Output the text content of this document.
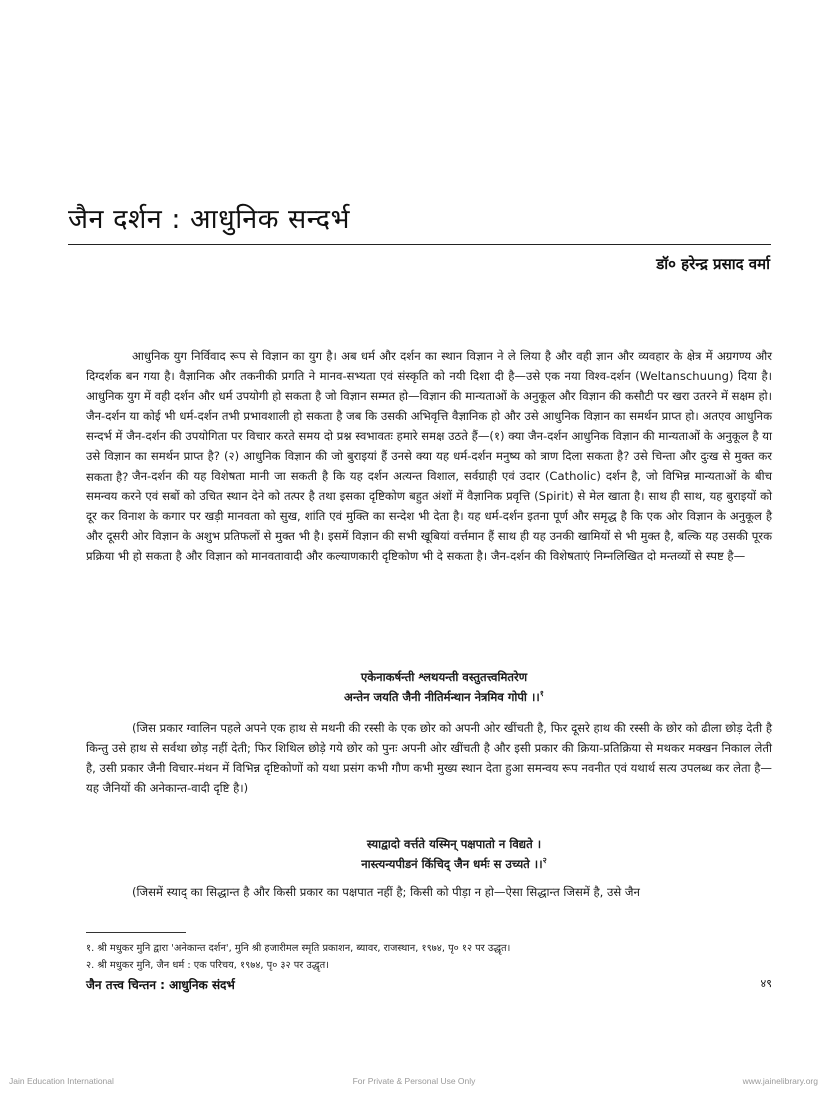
जैन दर्शन : आधुनिक सन्दर्भ
डॉ० हरेन्द्र प्रसाद वर्मा

आधुनिक युग निर्विवाद रूप से विज्ञान का युग है। अब धर्म और दर्शन का स्थान विज्ञान ने ले लिया है और वही ज्ञान और व्यवहार के क्षेत्र में अग्रगण्य और दिग्दर्शक बन गया है। वैज्ञानिक और तकनीकी प्रगति ने मानव-सभ्यता एवं संस्कृति को नयी दिशा दी है—उसे एक नया विश्व-दर्शन (Weltanschuung) दिया है। आधुनिक युग में वही दर्शन और धर्म उपयोगी हो सकता है जो विज्ञान सम्मत हो—विज्ञान की मान्यताओं के अनुकूल और विज्ञान की कसौटी पर खरा उतरने में सक्षम हो। जैन-दर्शन या कोई भी धर्म-दर्शन तभी प्रभावशाली हो सकता है जब कि उसकी अभिवृत्ति वैज्ञानिक हो और उसे आधुनिक विज्ञान का समर्थन प्राप्त हो। अतएव आधुनिक सन्दर्भ में जैन-दर्शन की उपयोगिता पर विचार करते समय दो प्रश्न स्वभावतः हमारे समक्ष उठते हैं—(१) क्या जैन-दर्शन आधुनिक विज्ञान की मान्यताओं के अनुकूल है या उसे विज्ञान का समर्थन प्राप्त है? (२) आधुनिक विज्ञान की जो बुराइयां हैं उनसे क्या यह धर्म-दर्शन मनुष्य को त्राण दिला सकता है? उसे चिन्ता और दुःख से मुक्त कर सकता है? जैन-दर्शन की यह विशेषता मानी जा सकती है कि यह दर्शन अत्यन्त विशाल, सर्वग्राही एवं उदार (Catholic) दर्शन है, जो विभिन्न मान्यताओं के बीच समन्वय करने एवं सबों को उचित स्थान देने को तत्पर है तथा इसका दृष्टिकोण बहुत अंशों में वैज्ञानिक प्रवृत्ति (Spirit) से मेल खाता है। साथ ही साथ, यह बुराइयों को दूर कर विनाश के कगार पर खड़ी मानवता को सुख, शांति एवं मुक्ति का सन्देश भी देता है। यह धर्म-दर्शन इतना पूर्ण और समृद्ध है कि एक ओर विज्ञान के अनुकूल है और दूसरी ओर विज्ञान के अशुभ प्रतिफलों से मुक्त भी है। इसमें विज्ञान की सभी खूबियां वर्त्तमान हैं साथ ही यह उनकी खामियों से भी मुक्त है, बल्कि यह उसकी पूरक प्रक्रिया भी हो सकता है और विज्ञान को मानवतावादी और कल्याणकारी दृष्टिकोण भी दे सकता है। जैन-दर्शन की विशेषताएं निम्नलिखित दो मन्तव्यों से स्पष्ट है—

एकेनाकर्षन्ती श्लथयन्ती वस्तुतत्त्वमितरेण
अन्तेन जयति जैनी नीतिर्मन्थान नेत्रमिव गोपी ।।$^१$

(जिस प्रकार ग्वालिन पहले अपने एक हाथ से मथनी की रस्सी के एक छोर को अपनी ओर खींचती है, फिर दूसरे हाथ की रस्सी के छोर को ढीला छोड़ देती है किन्तु उसे हाथ से सर्वथा छोड़ नहीं देती; फिर शिथिल छोड़े गये छोर को पुनः अपनी ओर खींचती है और इसी प्रकार की क्रिया-प्रतिक्रिया से मथकर मक्खन निकाल लेती है, उसी प्रकार जैनी विचार-मंथन में विभिन्न दृष्टिकोणों को यथा प्रसंग कभी गौण कभी मुख्य स्थान देता हुआ समन्वय रूप नवनीत एवं यथार्थ सत्य उपलब्ध कर लेता है—यह जैनियों की अनेकान्त-वादी दृष्टि है।)

स्याद्वादो वर्त्तते यस्मिन् पक्षपातो न विद्यते ।
नास्त्यन्यपीडनं किंचिद् जैन धर्मः स उच्यते ।।$^२$

(जिसमें स्याद् का सिद्धान्त है और किसी प्रकार का पक्षपात नहीं है; किसी को पीड़ा न हो—ऐसा सिद्धान्त जिसमें है, उसे जैन

१. श्री मधुकर मुनि द्वारा 'अनेकान्त दर्शन', मुनि श्री हजारीमल स्मृति प्रकाशन, ब्यावर, राजस्थान, १९७४, पृ० १२ पर उद्धृत।
२. श्री मधुकर मुनि, जैन धर्म : एक परिचय, १९७४, पृ० ३२ पर उद्धृत।
जैन तत्त्व चिन्तन : आधुनिक संदर्भ	४९
Jain Education International	For Private & Personal Use Only	www.jainelibrary.org
